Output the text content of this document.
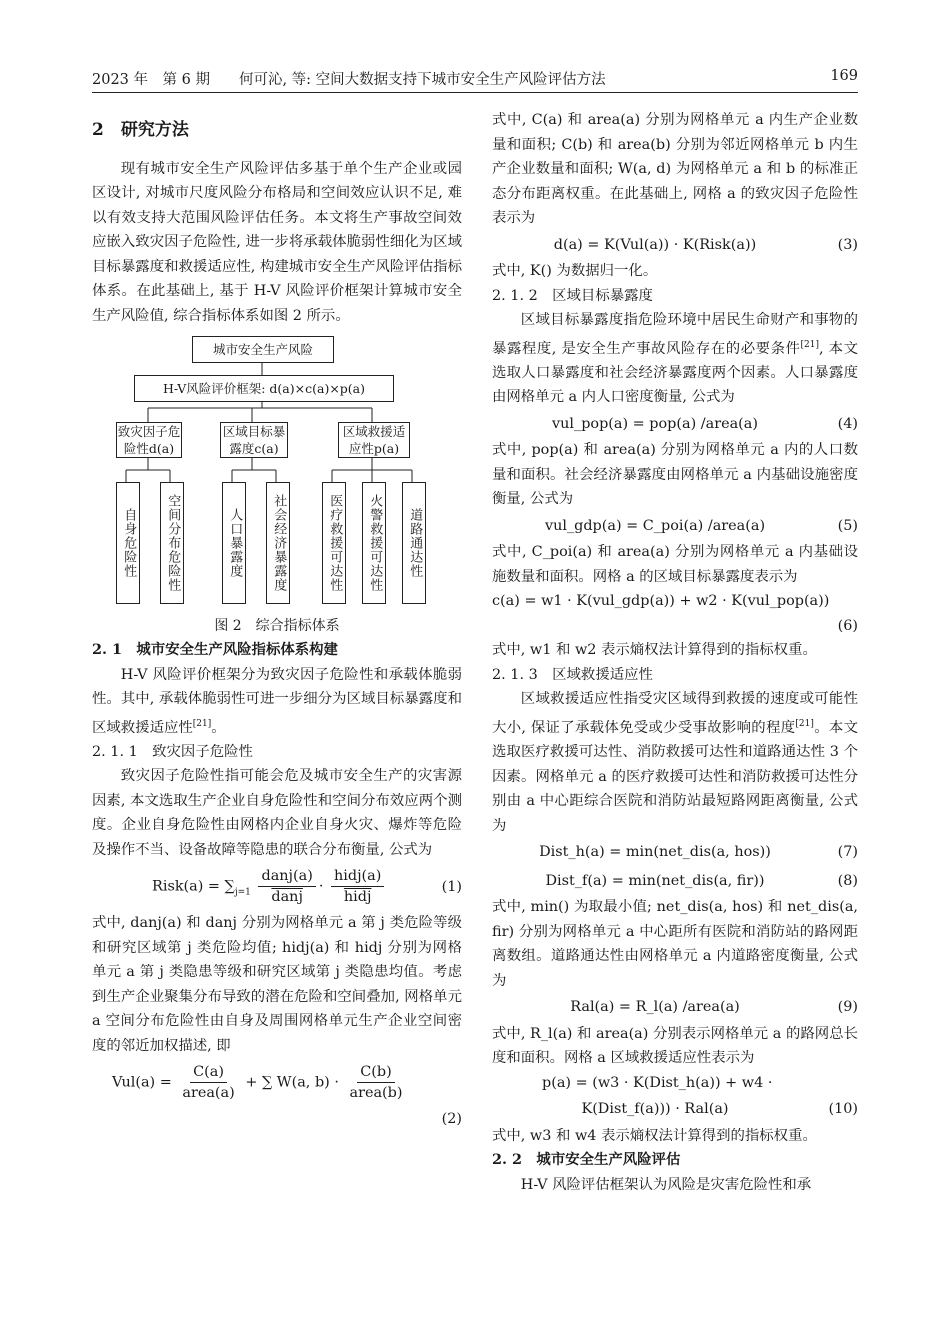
2023 年　第 6 期　　何可沁, 等: 空间大数据支持下城市安全生产风险评估方法	169
2　研究方法

现有城市安全生产风险评估多基于单个生产企业或园区设计, 对城市尺度风险分布格局和空间效应认识不足, 难以有效支持大范围风险评估任务。本文将生产事故空间效应嵌入致灾因子危险性, 进一步将承载体脆弱性细化为区域目标暴露度和救援适应性, 构建城市安全生产风险评估指标体系。在此基础上, 基于 H-V 风险评价框架计算城市安全生产风险值, 综合指标体系如图 2 所示。

城市安全生产风险
H-V风险评价框架: d(a)×c(a)×p(a)
致灾因子危险性d(a)
区域目标暴露度c(a)
区域救援适应性p(a)
自身危险性	空间分布危险性	人口暴露度	社会经济暴露度	医疗救援可达性	火警救援可达性	道路通达性
图 2　综合指标体系
2. 1　城市安全生产风险指标体系构建

H-V 风险评价框架分为致灾因子危险性和承载体脆弱性。其中, 承载体脆弱性可进一步细分为区域目标暴露度和区域救援适应性[21]。

2. 1. 1　致灾因子危险性

致灾因子危险性指可能会危及城市安全生产的灾害源因素, 本文选取生产企业自身危险性和空间分布效应两个测度。企业自身危险性由网格内企业自身火灾、爆炸等危险及操作不当、设备故障等隐患的联合分布衡量, 公式为

Risk(a) = $\sum_{j=1} \frac{\text{danj(a)}}{\text{danj}} \cdot \frac{\text{hidj(a)}}{\text{hidj}}$	(1)

式中, danj(a) 和 danj 分别为网格单元 a 第 j 类危险等级和研究区域第 j 类危险均值; hidj(a) 和 hidj 分别为网格单元 a 第 j 类隐患等级和研究区域第 j 类隐患均值。考虑到生产企业聚集分布导致的潜在危险和空间叠加, 网格单元 a 空间分布危险性由自身及周围网格单元生产企业空间密度的邻近加权描述, 即

$Vul(a) = \frac{C(a)}{\text{area(a)}}$ + ∑ W(a, $b) \cdot \frac{C(b)}{\text{area(b)}}$
(2)

式中, C(a) 和 area(a) 分别为网格单元 a 内生产企业数量和面积; C(b) 和 area(b) 分别为邻近网格单元 b 内生产企业数量和面积; W(a, d) 为网格单元 a 和 b 的标准正态分布距离权重。在此基础上, 网格 a 的致灾因子危险性表示为

d(a) = K(Vul(a)) · K(Risk(a))	(3)

式中, K() 为数据归一化。

2. 1. 2　区域目标暴露度

区域目标暴露度指危险环境中居民生命财产和事物的暴露程度, 是安全生产事故风险存在的必要条件[21], 本文选取人口暴露度和社会经济暴露度两个因素。人口暴露度由网格单元 a 内人口密度衡量, 公式为

vul_pop(a) = pop(a) /area(a)	(4)

式中, pop(a) 和 area(a) 分别为网格单元 a 内的人口数量和面积。社会经济暴露度由网格单元 a 内基础设施密度衡量, 公式为

vul_gdp(a) = C_poi(a) /area(a)	(5)

式中, C_poi(a) 和 area(a) 分别为网格单元 a 内基础设施数量和面积。网格 a 的区域目标暴露度表示为

c(a) = w1 · K(vul_gdp(a)) + w2 · K(vul_pop(a))
(6)

式中, w1 和 w2 表示熵权法计算得到的指标权重。

2. 1. 3　区域救援适应性

区域救援适应性指受灾区域得到救援的速度或可能性大小, 保证了承载体免受或少受事故影响的程度[21]。本文选取医疗救援可达性、消防救援可达性和道路通达性 3 个因素。网格单元 a 的医疗救援可达性和消防救援可达性分别由 a 中心距综合医院和消防站最短路网距离衡量, 公式为

Dist_h(a) = min(net_dis(a, hos))	(7)
Dist_f(a) = min(net_dis(a, fir))	(8)

式中, min() 为取最小值; net_dis(a, hos) 和 net_dis(a, fir) 分别为网格单元 a 中心距所有医院和消防站的路网距离数组。道路通达性由网格单元 a 内道路密度衡量, 公式为

Ral(a) = R_l(a) /area(a)	(9)

式中, R_l(a) 和 area(a) 分别表示网格单元 a 的路网总长度和面积。网格 a 区域救援适应性表示为

p(a) = (w3 · K(Dist_h(a)) + w4 ·
K(Dist_f(a))) · Ral(a)	(10)

式中, w3 和 w4 表示熵权法计算得到的指标权重。

2. 2　城市安全生产风险评估

H-V 风险评估框架认为风险是灾害危险性和承
